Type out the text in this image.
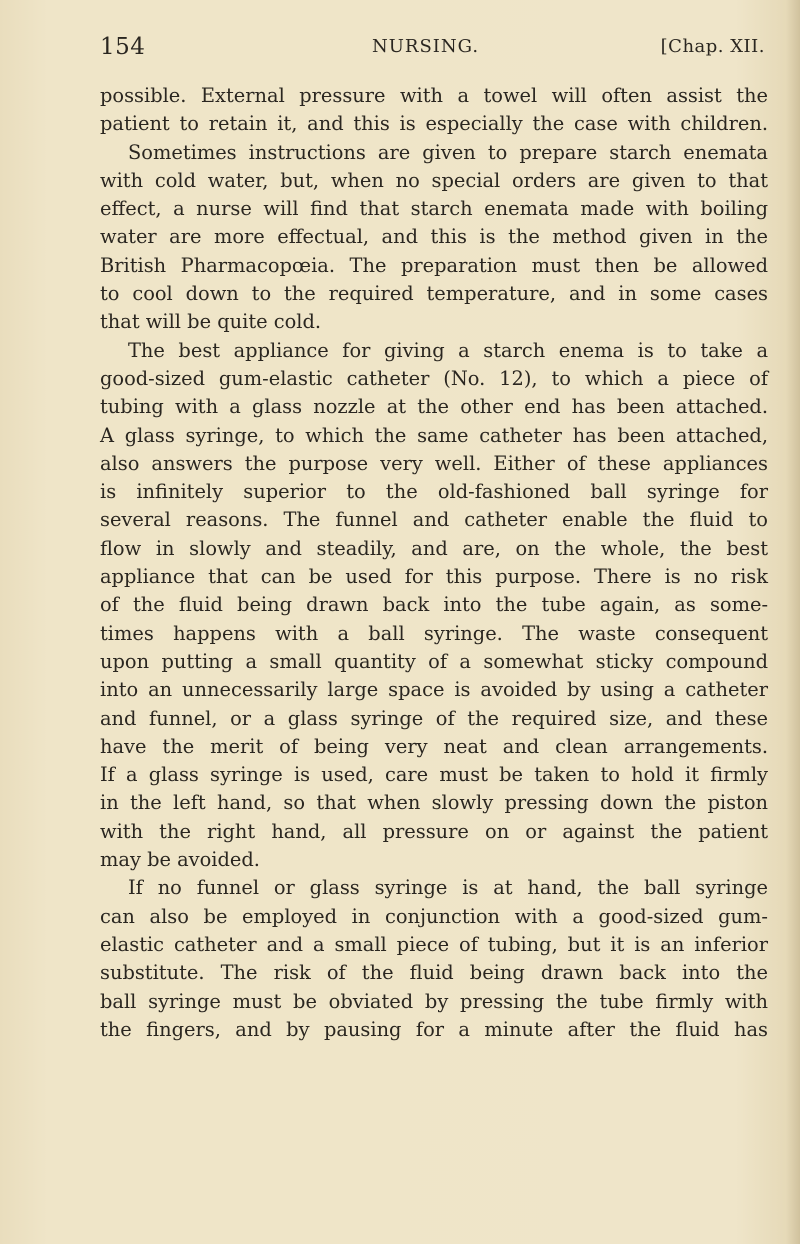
154	NURSING.	[Chap. XII.
possible. External pressure with a towel will often assist the
patient to retain it, and this is especially the case with children.
Sometimes instructions are given to prepare starch enemata
with cold water, but, when no special orders are given to that
effect, a nurse will find that starch enemata made with boiling
water are more effectual, and this is the method given in the
British Pharmacopœia. The preparation must then be allowed
to cool down to the required temperature, and in some cases
that will be quite cold.
The best appliance for giving a starch enema is to take a
good-sized gum-elastic catheter (No. 12), to which a piece of
tubing with a glass nozzle at the other end has been attached.
A glass syringe, to which the same catheter has been attached,
also answers the purpose very well. Either of these appliances
is infinitely superior to the old-fashioned ball syringe for
several reasons. The funnel and catheter enable the fluid to
flow in slowly and steadily, and are, on the whole, the best
appliance that can be used for this purpose. There is no risk
of the fluid being drawn back into the tube again, as some-
times happens with a ball syringe. The waste consequent
upon putting a small quantity of a somewhat sticky compound
into an unnecessarily large space is avoided by using a catheter
and funnel, or a glass syringe of the required size, and these
have the merit of being very neat and clean arrangements.
If a glass syringe is used, care must be taken to hold it firmly
in the left hand, so that when slowly pressing down the piston
with the right hand, all pressure on or against the patient
may be avoided.
If no funnel or glass syringe is at hand, the ball syringe
can also be employed in conjunction with a good-sized gum-
elastic catheter and a small piece of tubing, but it is an inferior
substitute. The risk of the fluid being drawn back into the
ball syringe must be obviated by pressing the tube firmly with
the fingers, and by pausing for a minute after the fluid has
